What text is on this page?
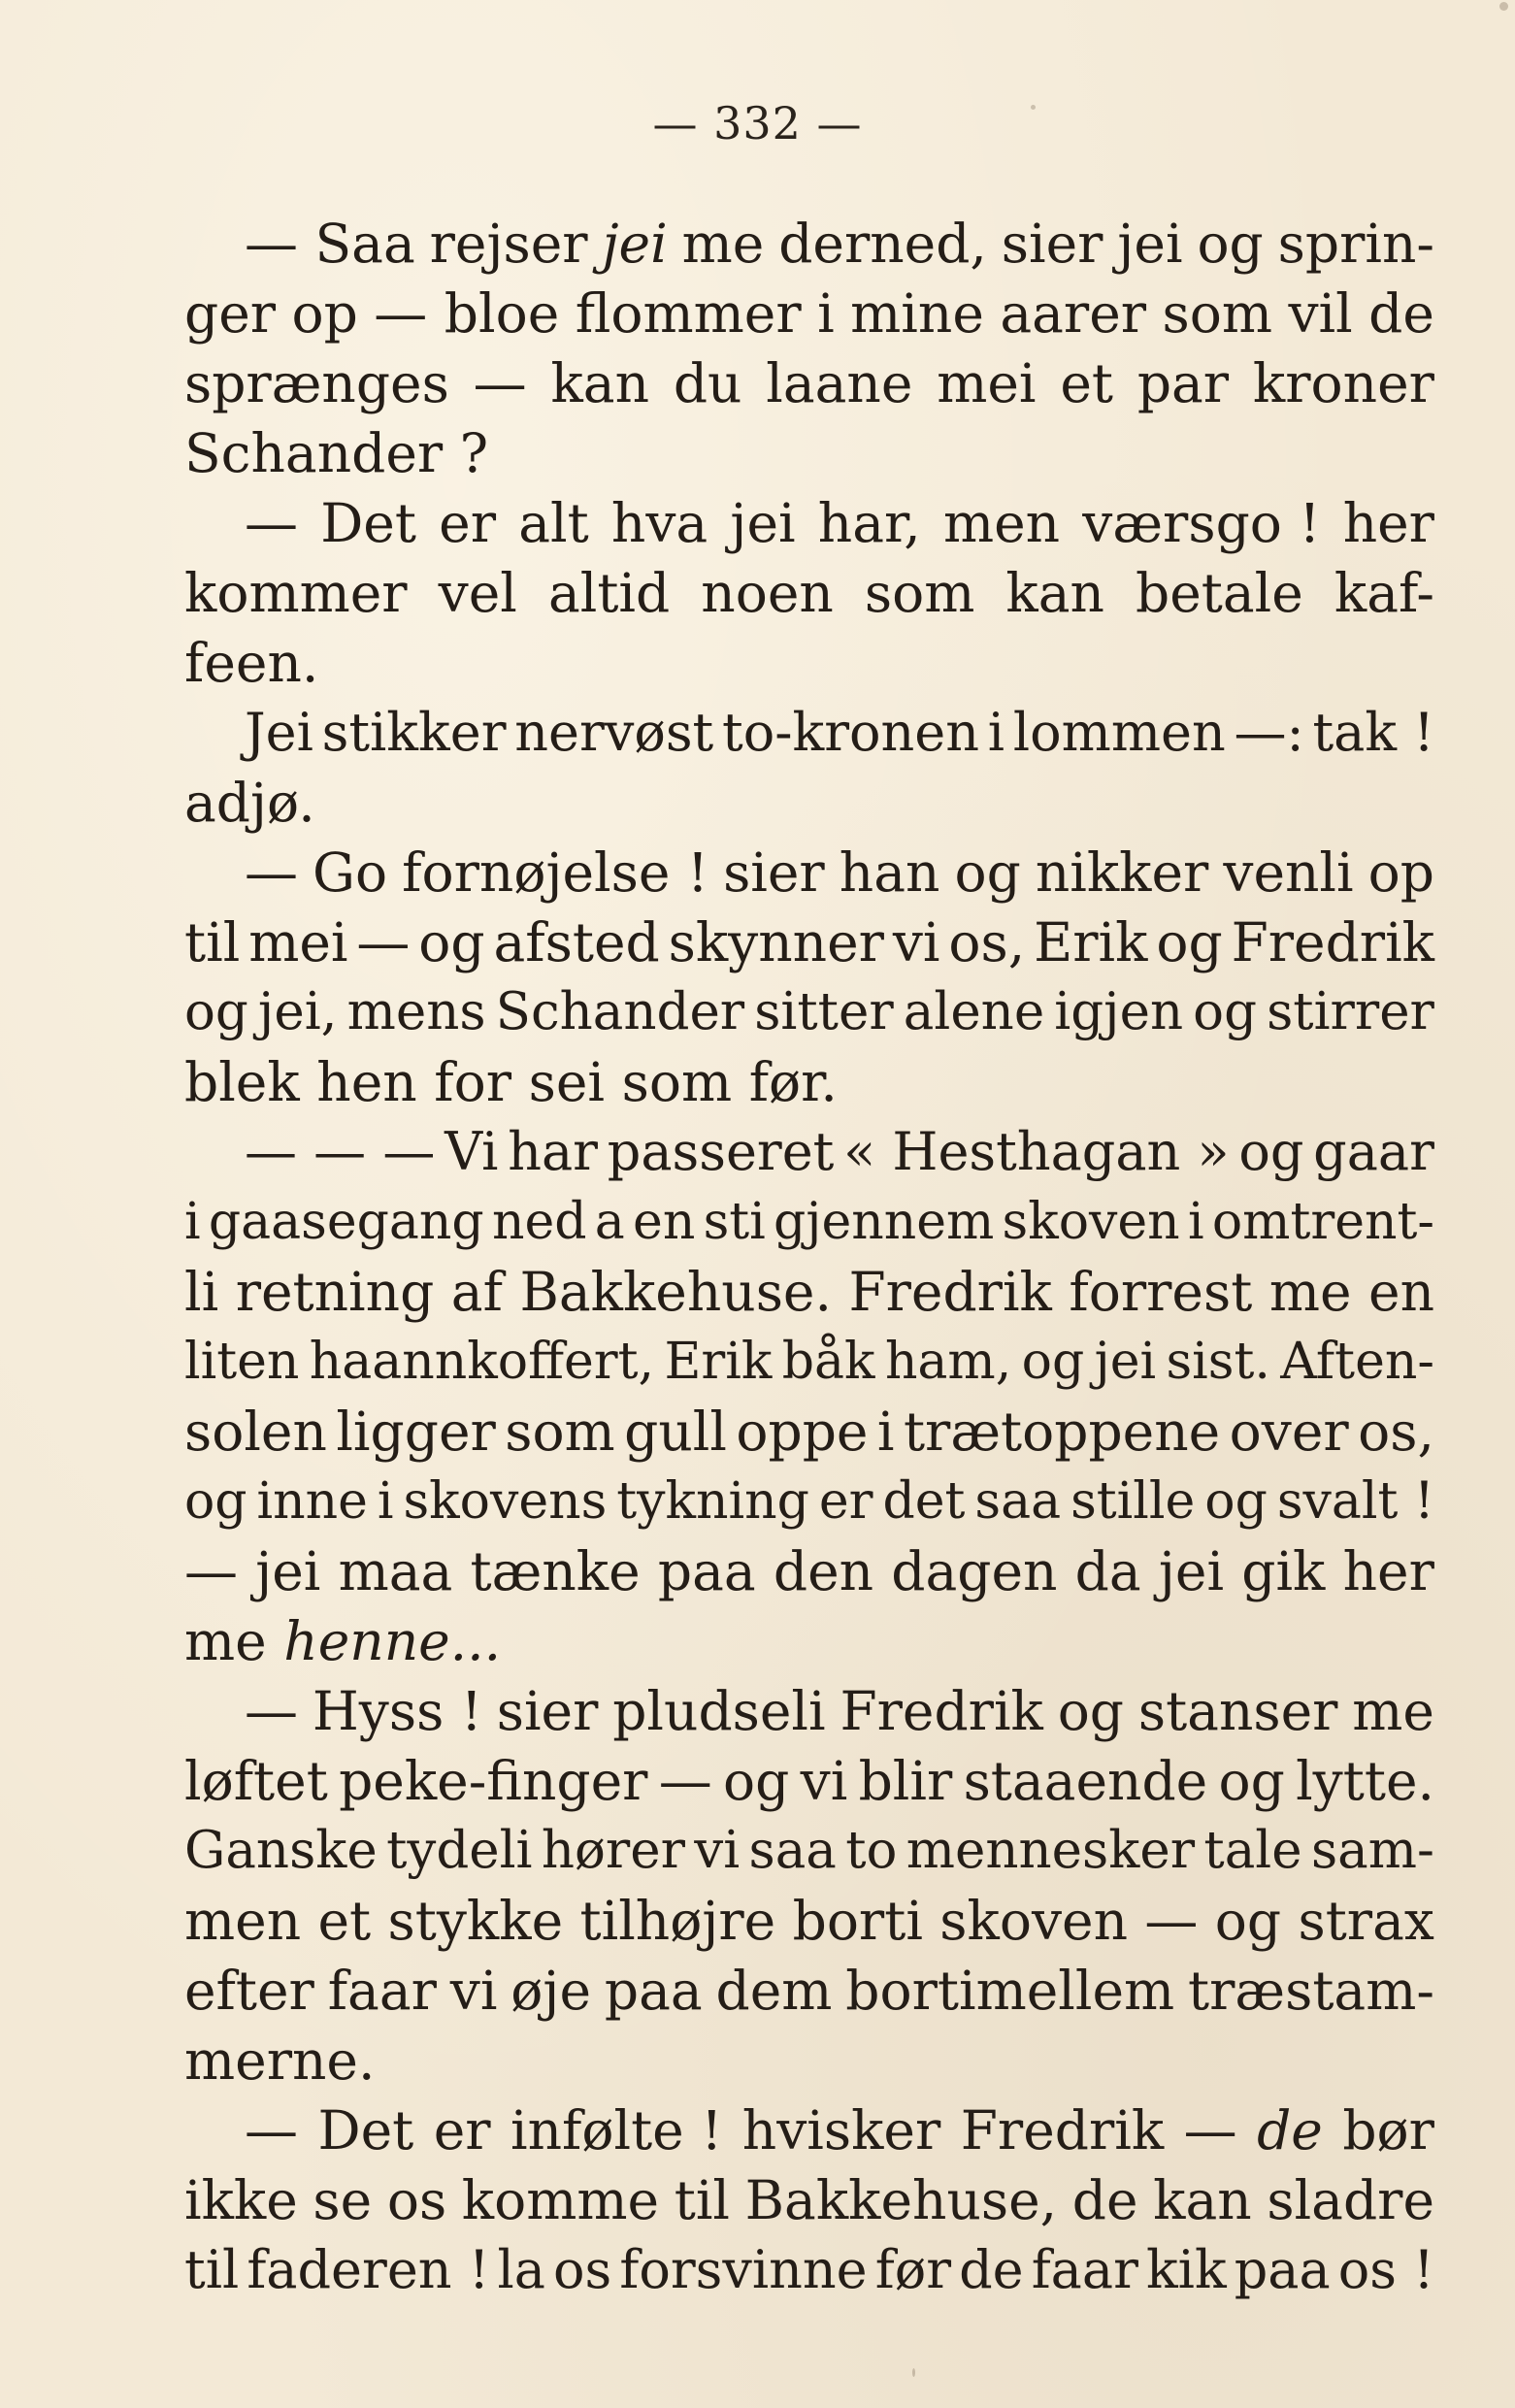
— 332 —
— Saa rejser jei me derned, sier jei og sprin-
ger op — bloe flommer i mine aarer som vil de
sprænges — kan du laane mei et par kroner
Schander ?
— Det er alt hva jei har, men værsgo ! her
kommer vel altid noen som kan betale kaf-
feen.
Jei stikker nervøst to-kronen i lommen —: tak !
adjø.
— Go fornøjelse ! sier han og nikker venli op
til mei — og afsted skynner vi os, Erik og Fredrik
og jei, mens Schander sitter alene igjen og stirrer
blek hen for sei som før.
— — — Vi har passeret « Hesthagan » og gaar
i gaasegang ned a en sti gjennem skoven i omtrent-
li retning af Bakkehuse. Fredrik forrest me en
liten haannkoffert, Erik båk ham, og jei sist. Aften-
solen ligger som gull oppe i trætoppene over os,
og inne i skovens tykning er det saa stille og svalt !
— jei maa tænke paa den dagen da jei gik her
me henne...
— Hyss ! sier pludseli Fredrik og stanser me
løftet peke-finger — og vi blir staaende og lytte.
Ganske tydeli hører vi saa to mennesker tale sam-
men et stykke tilhøjre borti skoven — og strax
efter faar vi øje paa dem bortimellem træstam-
merne.
— Det er infølte ! hvisker Fredrik — de bør
ikke se os komme til Bakkehuse, de kan sladre
til faderen ! la os forsvinne før de faar kik paa os !
